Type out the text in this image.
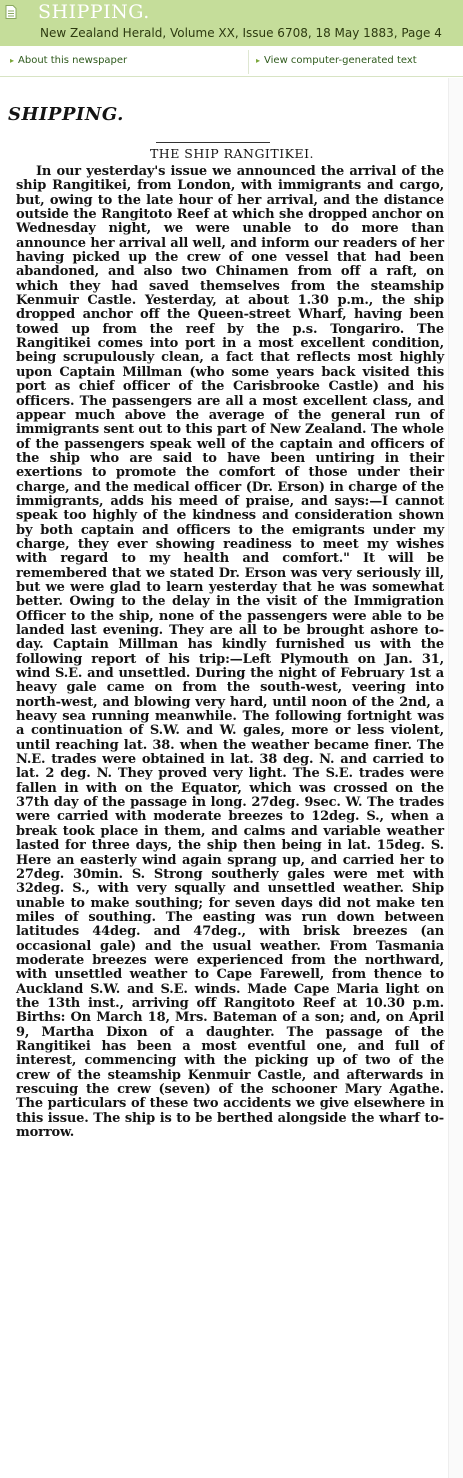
SHIPPING.
New Zealand Herald, Volume XX, Issue 6708, 18 May 1883, Page 4
▸ About this newspaper	▸ View computer-generated text
SHIPPING.
THE SHIP RANGITIKEI.

In our yesterday's issue we announced the arrival of the ship Rangitikei, from London, with immigrants and cargo, but, owing to the late hour of her arrival, and the distance outside the Rangitoto Reef at which she dropped anchor on Wednesday night, we were unable to do more than announce her arrival all well, and inform our readers of her having picked up the crew of one vessel that had been abandoned, and also two Chinamen from off a raft, on which they had saved themselves from the steamship Kenmuir Castle. Yesterday, at about 1.30 p.m., the ship dropped anchor off the Queen-street Wharf, having been towed up from the reef by the p.s. Tongariro. The Rangitikei comes into port in a most excellent condition, being scrupulously clean, a fact that reflects most highly upon Captain Millman (who some years back visited this port as chief officer of the Carisbrooke Castle) and his officers. The passengers are all a most excellent class, and appear much above the average of the general run of immigrants sent out to this part of New Zealand. The whole of the passengers speak well of the captain and officers of the ship who are said to have been untiring in their exertions to promote the comfort of those under their charge, and the medical officer (Dr. Erson) in charge of the immigrants, adds his meed of praise, and says:—I cannot speak too highly of the kindness and consideration shown by both captain and officers to the emigrants under my charge, they ever showing readiness to meet my wishes with regard to my health and comfort." It will be remembered that we stated Dr. Erson was very seriously ill, but we were glad to learn yesterday that he was somewhat better. Owing to the delay in the visit of the Immigration Officer to the ship, none of the passengers were able to be landed last evening. They are all to be brought ashore to-day. Captain Millman has kindly furnished us with the following report of his trip:—Left Plymouth on Jan. 31, wind S.E. and unsettled. During the night of February 1st a heavy gale came on from the south-west, veering into north-west, and blowing very hard, until noon of the 2nd, a heavy sea running meanwhile. The following fortnight was a continuation of S.W. and W. gales, more or less violent, until reaching lat. 38. when the weather became finer. The N.E. trades were obtained in lat. 38 deg. N. and carried to lat. 2 deg. N. They proved very light. The S.E. trades were fallen in with on the Equator, which was crossed on the 37th day of the passage in long. 27deg. 9sec. W. The trades were carried with moderate breezes to 12deg. S., when a break took place in them, and calms and variable weather lasted for three days, the ship then being in lat. 15deg. S. Here an easterly wind again sprang up, and carried her to 27deg. 30min. S. Strong southerly gales were met with 32deg. S., with very squally and unsettled weather. Ship unable to make southing; for seven days did not make ten miles of southing. The easting was run down between latitudes 44deg. and 47deg., with brisk breezes (an occasional gale) and the usual weather. From Tasmania moderate breezes were experienced from the northward, with unsettled weather to Cape Farewell, from thence to Auckland S.W. and S.E. winds. Made Cape Maria light on the 13th inst., arriving off Rangitoto Reef at 10.30 p.m. Births: On March 18, Mrs. Bateman of a son; and, on April 9, Martha Dixon of a daughter. The passage of the Rangitikei has been a most eventful one, and full of interest, commencing with the picking up of two of the crew of the steamship Kenmuir Castle, and afterwards in rescuing the crew (seven) of the schooner Mary Agathe. The particulars of these two accidents we give elsewhere in this issue. The ship is to be berthed alongside the wharf to-morrow.
